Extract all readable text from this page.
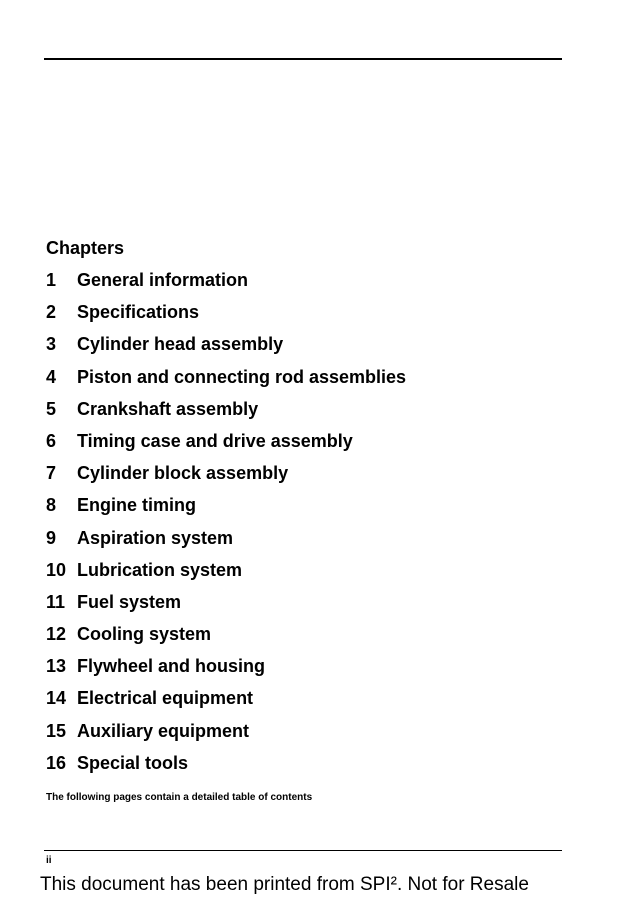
Chapters
1	General information
2	Specifications
3	Cylinder head assembly
4	Piston and connecting rod assemblies
5	Crankshaft assembly
6	Timing case and drive assembly
7	Cylinder block assembly
8	Engine timing
9	Aspiration system
10 Lubrication system
11 Fuel system
12 Cooling system
13 Flywheel and housing
14 Electrical equipment
15 Auxiliary equipment
16 Special tools
The following pages contain a detailed table of contents
ii
This document has been printed from SPI². Not for Resale
